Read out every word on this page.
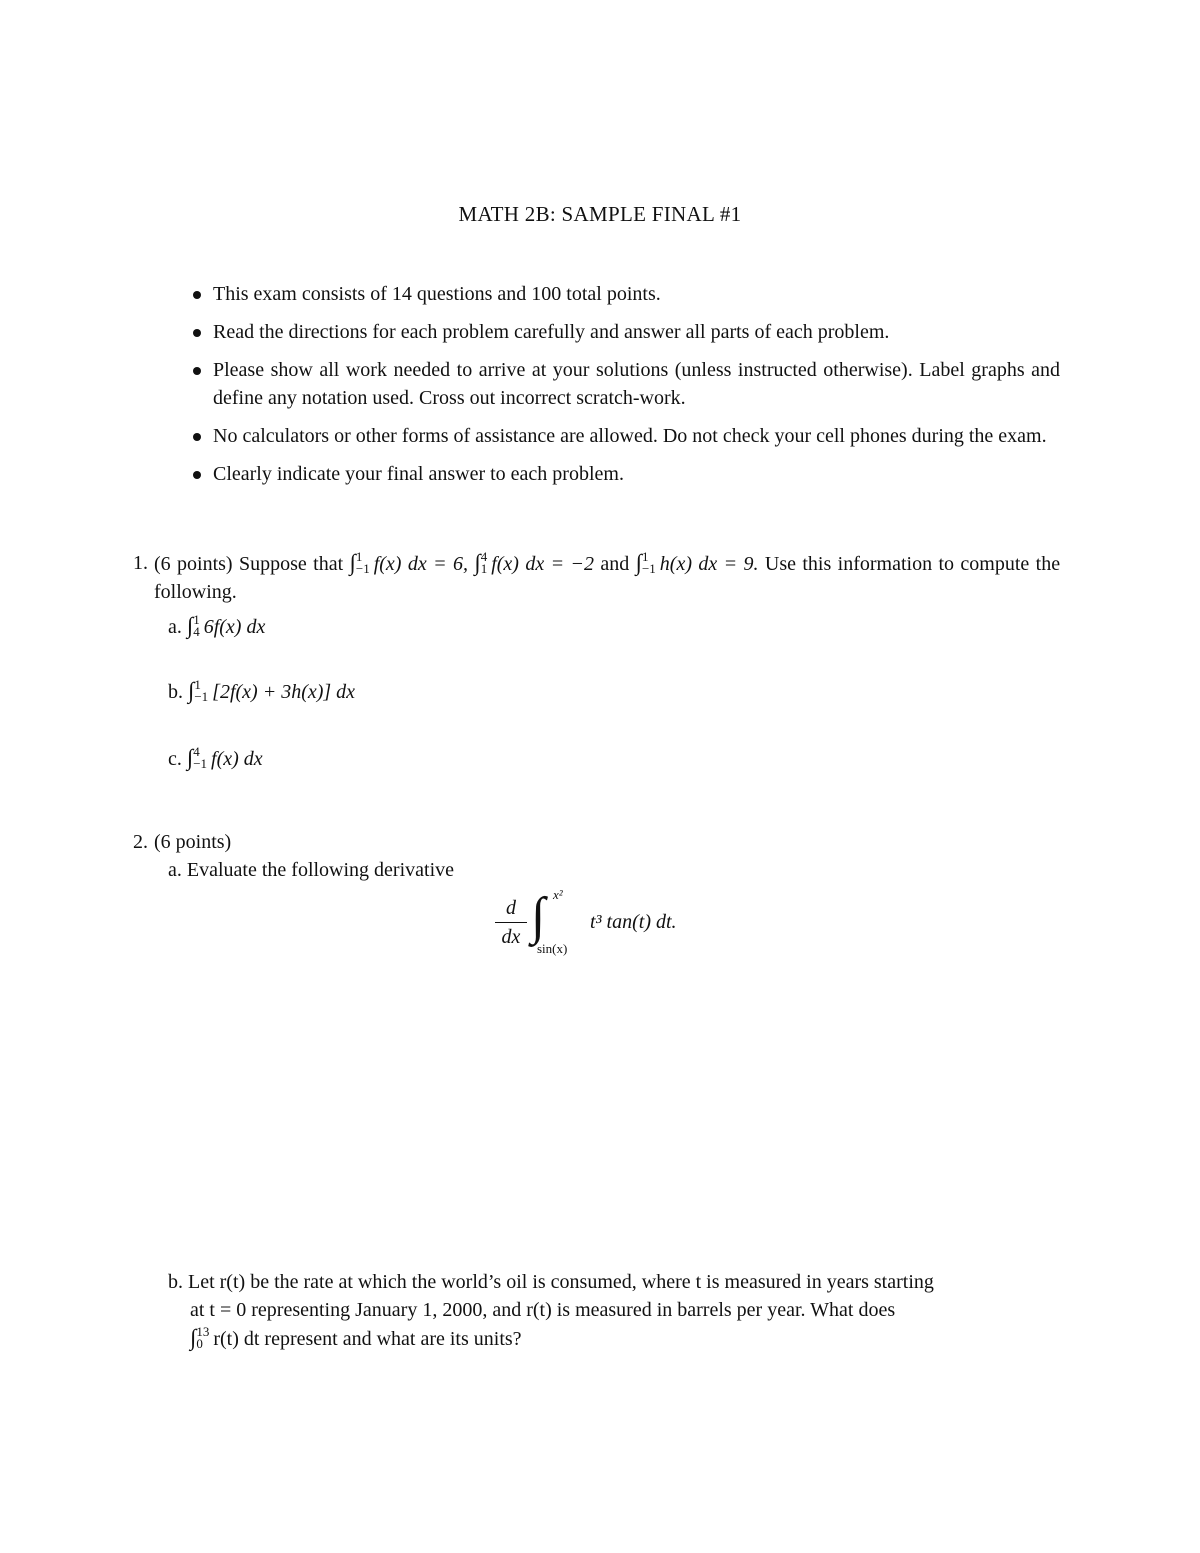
MATH 2B: SAMPLE FINAL #1
This exam consists of 14 questions and 100 total points.
Read the directions for each problem carefully and answer all parts of each problem.
Please show all work needed to arrive at your solutions (unless instructed otherwise). Label graphs and define any notation used. Cross out incorrect scratch-work.
No calculators or other forms of assistance are allowed. Do not check your cell phones during the exam.
Clearly indicate your final answer to each problem.
1. (6 points) Suppose that ∫ 1
−1 f(x) dx = 6, ∫ 4
1 f(x) dx = −2 and ∫ 1
−1 h(x) dx = 9. Use this information to compute the following.
a. ∫ 1
4 6f(x) dx
b. ∫ 1
−1 [2f(x) + 3h(x)] dx
c. ∫ 4
−1 f(x) dx
2. (6 points)
a. Evaluate the following derivative
d
dx ∫ x²
sin(x)
t³ tan(t) dt.
b. Let r(t) be the rate at which the world’s oil is consumed, where t is measured in years starting
at t = 0 representing January 1, 2000, and r(t) is measured in barrels per year. What does
∫ 13
0 r(t) dt represent and what are its units?
